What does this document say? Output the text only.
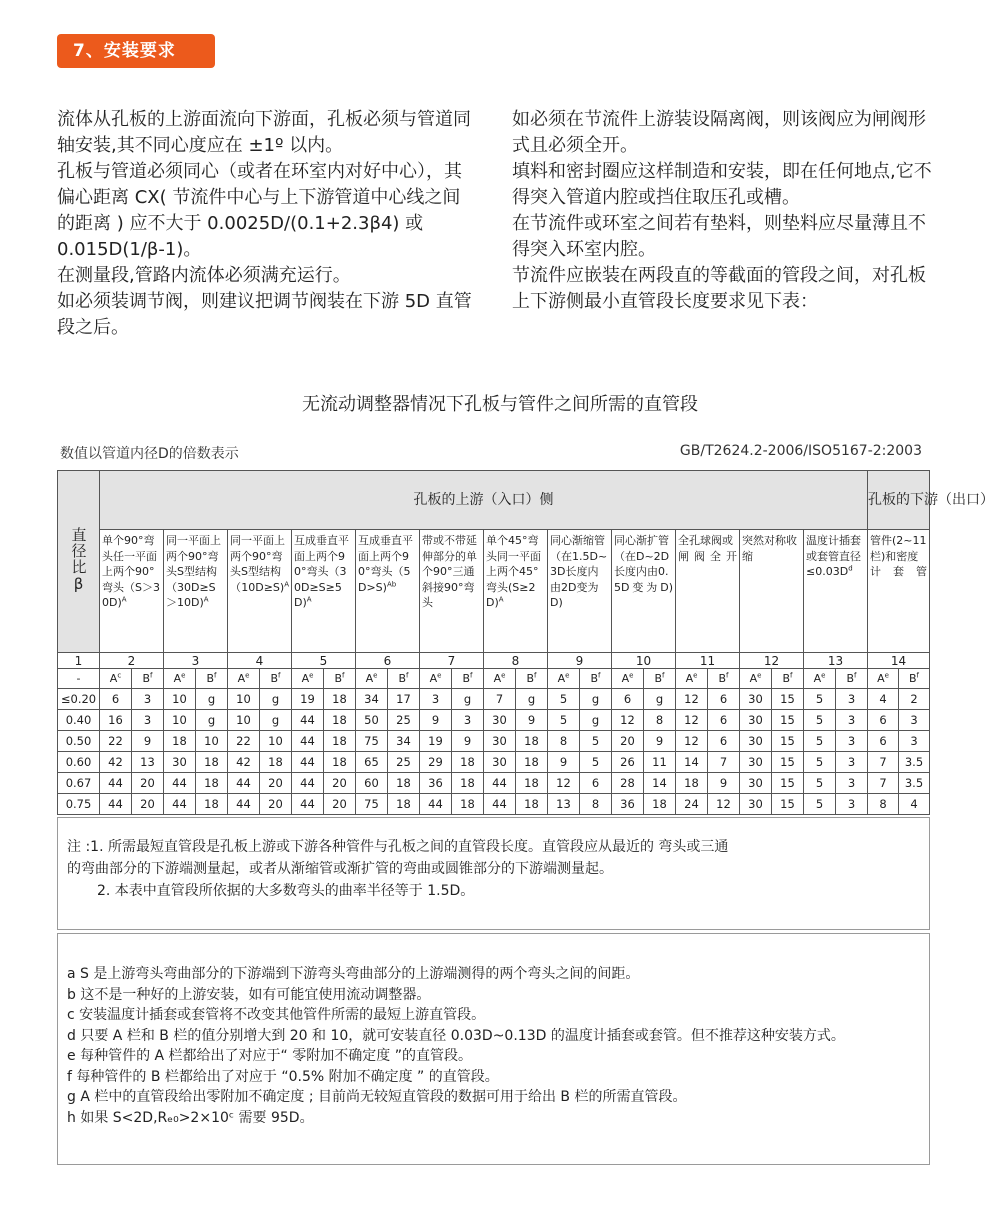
7、安装要求

流体从孔板的上游面流向下游面，孔板必须与管道同轴安装,其不同心度应在 ±1º 以内。

孔板与管道必须同心（或者在环室内对好中心），其偏心距离 CX( 节流件中心与上下游管道中心线之间的距离 ) 应不大于 0.0025D/(0.1+2.3β4) 或 0.015D(1/β-1)。

在测量段,管路内流体必须满充运行。

如必须装调节阀，则建议把调节阀装在下游 5D 直管段之后。

如必须在节流件上游装设隔离阀，则该阀应为闸阀形式且必须全开。

填料和密封圈应这样制造和安装，即在任何地点,它不得突入管道内腔或挡住取压孔或槽。

在节流件或环室之间若有垫料，则垫料应尽量薄且不得突入环室内腔。

节流件应嵌装在两段直的等截面的管段之间，对孔板上下游侧最小直管段长度要求见下表：

无流动调整器情况下孔板与管件之间所需的直管段
数值以管道内径D的倍数表示	GB/T2624.2-2006/ISO5167-2:2003
直径比β	孔板的上游（入口）侧																								孔板的下游（出口）	
	单个90°弯头任一平面上两个90°弯头（S＞30D)$^A$		同一平面上两个90°弯头S型结构（30D≥S＞10D)$^A$		同一平面上两个90°弯头S型结构（10D≥S)$^A$		互成垂直平面上两个90°弯头（30D≥S≥5D)$^A$		互成垂直平面上两个90°弯头（5D>S)$^{Ab}$		带或不带延伸部分的单个90°三通斜接90°弯头		单个45°弯头同一平面上两个45°弯头(S≥2D)$^A$		同心渐缩管（在1.5D~3D长度内由2D变为D)		同心渐扩管（在D~2D长度内由0.5D变为D)		全孔球阀或闸阀全开		突然对称收缩		温度计插套或套管直径$\le 0.03D^d$		管件(2~11栏)和密度计套管	
1	2		3		4		5		6		7		8		9		10		11		12		13		14	
-	$A^c$	$B^f$	$A^e$	$B^f$	$A^e$	$B^f$	$A^e$	$B^f$	$A^e$	$B^f$	$A^e$	$B^f$	$A^e$	$B^f$	$A^e$	$B^f$	$A^e$	$B^f$	$A^e$	$B^f$	$A^e$	$B^f$	$A^e$	$B^f$	$A^e$	$B^f$
≤0.20	6	3	10	g	10	g	19	18	34	17	3	g	7	g	5	g	6	g	12	6	30	15	5	3	4	2
0.40	16	3	10	g	10	g	44	18	50	25	9	3	30	9	5	g	12	8	12	6	30	15	5	3	6	3
0.50	22	9	18	10	22	10	44	18	75	34	19	9	30	18	8	5	20	9	12	6	30	15	5	3	6	3
0.60	42	13	30	18	42	18	44	18	65	25	29	18	30	18	9	5	26	11	14	7	30	15	5	3	7	3.5
0.67	44	20	44	18	44	20	44	20	60	18	36	18	44	18	12	6	28	14	18	9	30	15	5	3	7	3.5
0.75	44	20	44	18	44	20	44	20	75	18	44	18	44	18	13	8	36	18	24	12	30	15	5	3	8	4

注 :1. 所需最短直管段是孔板上游或下游各种管件与孔板之间的直管段长度。直管段应从最近的 弯头或三通

的弯曲部分的下游端测量起，或者从渐缩管或渐扩管的弯曲或圆锥部分的下游端测量起。

2. 本表中直管段所依据的大多数弯头的曲率半径等于 1.5D。

a S 是上游弯头弯曲部分的下游端到下游弯头弯曲部分的上游端测得的两个弯头之间的间距。

b 这不是一种好的上游安装，如有可能宜使用流动调整器。

c 安装温度计插套或套管将不改变其他管件所需的最短上游直管段。

d 只要 A 栏和 B 栏的值分别增大到 20 和 10，就可安装直径 0.03D~0.13D 的温度计插套或套管。但不推荐这种安装方式。

e 每种管件的 A 栏都给出了对应于“ 零附加不确定度 ”的直管段。

f 每种管件的 B 栏都给出了对应于 “0.5% 附加不确定度 ” 的直管段。

g A 栏中的直管段给出零附加不确定度 ; 目前尚无较短直管段的数据可用于给出 B 栏的所需直管段。

h 如果 S<2D,Rₑ₀>2×10ᶜ 需要 95D。
